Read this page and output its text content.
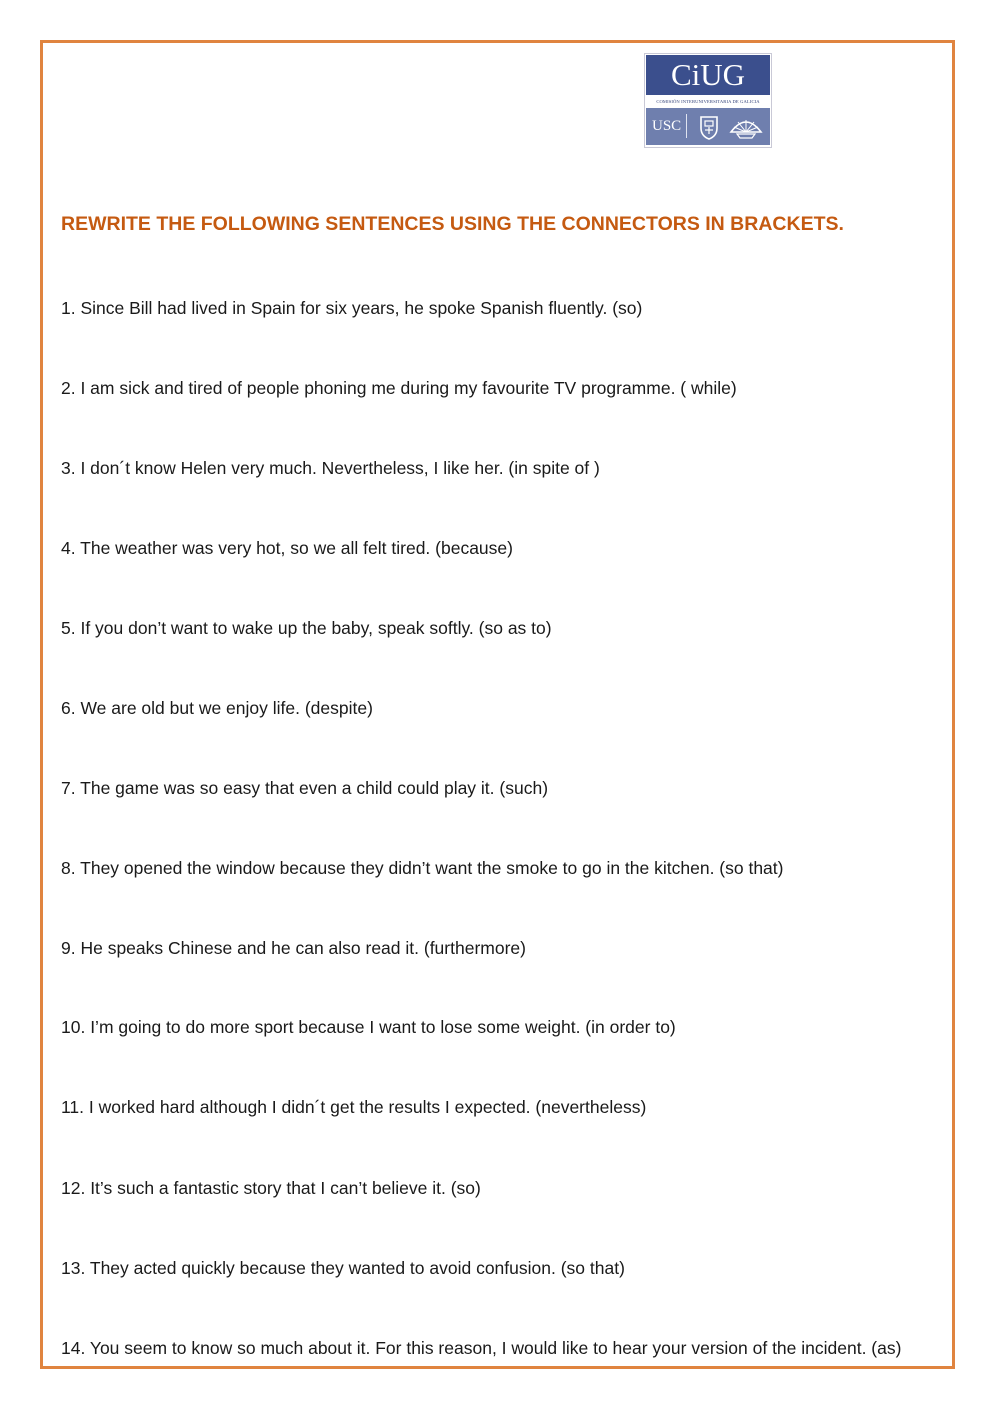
CiUG
COMISIÓN INTERUNIVERSITARIA DE GALICIA
USC
REWRITE THE FOLLOWING SENTENCES USING THE CONNECTORS IN BRACKETS.

1. Since Bill had lived in Spain for six years, he spoke Spanish fluently. (so)

2. I am sick and tired of people phoning me during my favourite TV programme. ( while)

3. I don´t know Helen very much. Nevertheless, I like her. (in spite of )

4. The weather was very hot, so we all felt tired. (because)

5. If you don’t want to wake up the baby, speak softly. (so as to)

6. We are old but we enjoy life. (despite)

7. The game was so easy that even a child could play it. (such)

8. They opened the window because they didn’t want the smoke to go in the kitchen. (so that)

9. He speaks Chinese and he can also read it. (furthermore)

10. I’m going to do more sport because I want to lose some weight. (in order to)

11. I worked hard although I didn´t get the results I expected. (nevertheless)

12. It’s such a fantastic story that I can’t believe it. (so)

13. They acted quickly because they wanted to avoid confusion. (so that)

14. You seem to know so much about it. For this reason, I would like to hear your version of the incident. (as)
